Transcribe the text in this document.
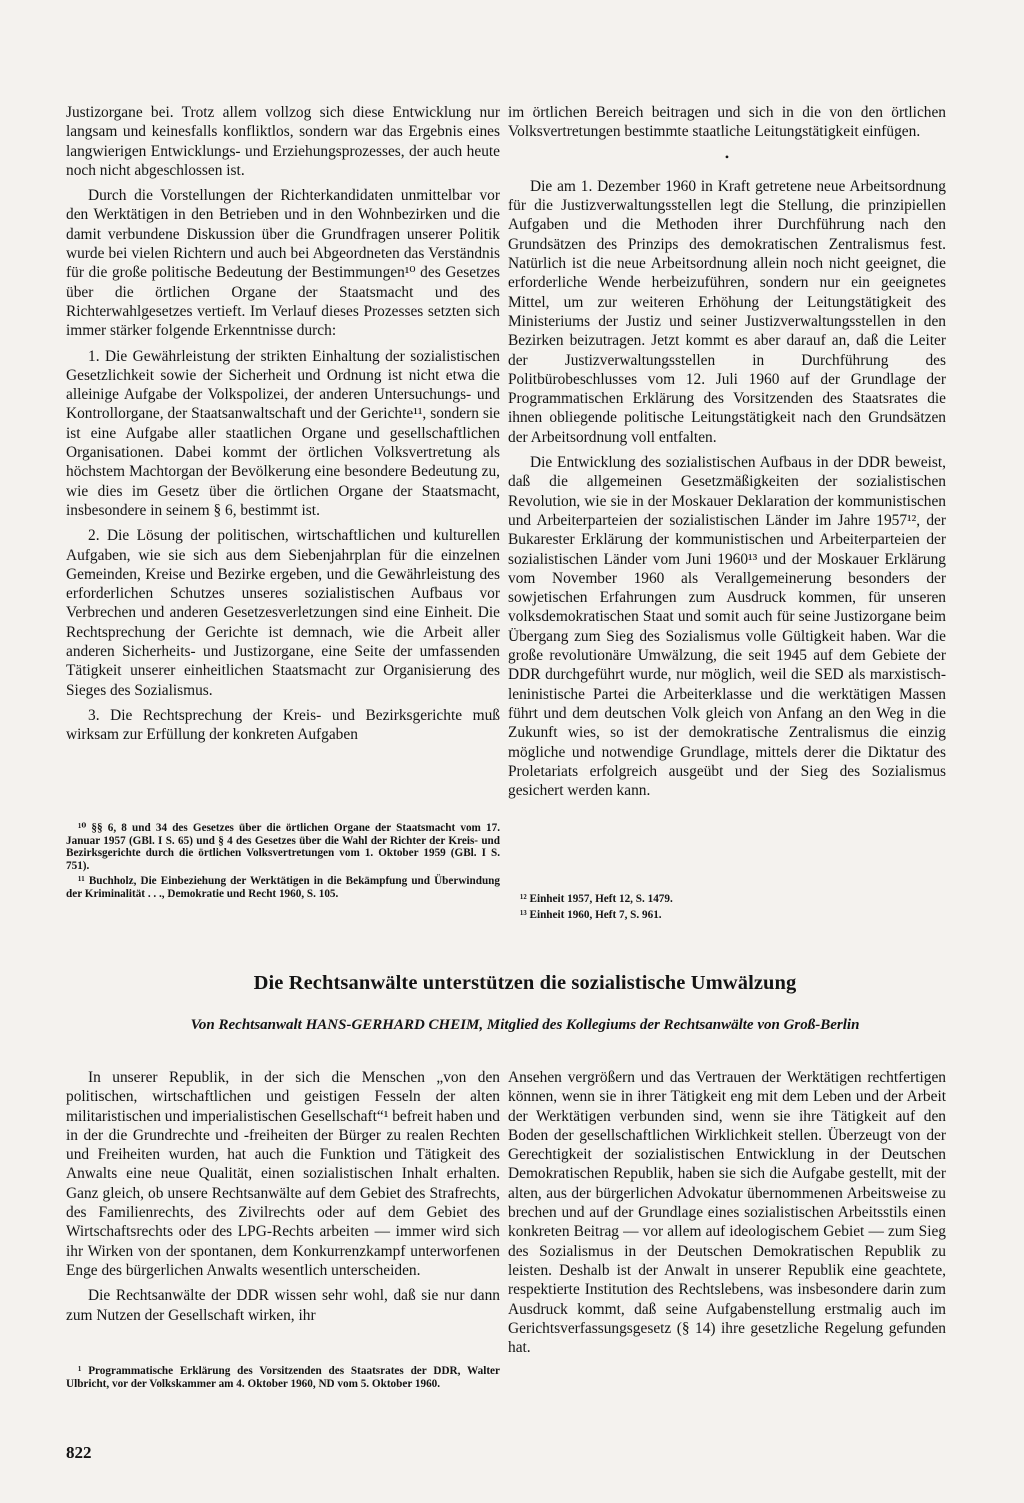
Justizorgane bei. Trotz allem vollzog sich diese Entwicklung nur langsam und keinesfalls konfliktlos, sondern war das Ergebnis eines langwierigen Entwicklungs- und Erziehungsprozesses, der auch heute noch nicht abgeschlossen ist.

Durch die Vorstellungen der Richterkandidaten unmittelbar vor den Werktätigen in den Betrieben und in den Wohnbezirken und die damit verbundene Diskussion über die Grundfragen unserer Politik wurde bei vielen Richtern und auch bei Abgeordneten das Verständnis für die große politische Bedeutung der Bestimmungen¹⁰ des Gesetzes über die örtlichen Organe der Staatsmacht und des Richterwahlgesetzes vertieft. Im Verlauf dieses Prozesses setzten sich immer stärker folgende Erkenntnisse durch:

1. Die Gewährleistung der strikten Einhaltung der sozialistischen Gesetzlichkeit sowie der Sicherheit und Ordnung ist nicht etwa die alleinige Aufgabe der Volkspolizei, der anderen Untersuchungs- und Kontrollorgane, der Staatsanwaltschaft und der Gerichte¹¹, sondern sie ist eine Aufgabe aller staatlichen Organe und gesellschaftlichen Organisationen. Dabei kommt der örtlichen Volksvertretung als höchstem Machtorgan der Bevölkerung eine besondere Bedeutung zu, wie dies im Gesetz über die örtlichen Organe der Staatsmacht, insbesondere in seinem § 6, bestimmt ist.

2. Die Lösung der politischen, wirtschaftlichen und kulturellen Aufgaben, wie sie sich aus dem Siebenjahrplan für die einzelnen Gemeinden, Kreise und Bezirke ergeben, und die Gewährleistung des erforderlichen Schutzes unseres sozialistischen Aufbaus vor Verbrechen und anderen Gesetzesverletzungen sind eine Einheit. Die Rechtsprechung der Gerichte ist demnach, wie die Arbeit aller anderen Sicherheits- und Justizorgane, eine Seite der umfassenden Tätigkeit unserer einheitlichen Staatsmacht zur Organisierung des Sieges des Sozialismus.

3. Die Rechtsprechung der Kreis- und Bezirksgerichte muß wirksam zur Erfüllung der konkreten Aufgaben

¹⁰ §§ 6, 8 und 34 des Gesetzes über die örtlichen Organe der Staatsmacht vom 17. Januar 1957 (GBl. I S. 65) und § 4 des Gesetzes über die Wahl der Richter der Kreis- und Bezirksgerichte durch die örtlichen Volksvertretungen vom 1. Oktober 1959 (GBl. I S. 751).

¹¹ Buchholz, Die Einbeziehung der Werktätigen in die Bekämpfung und Überwindung der Kriminalität . . ., Demokratie und Recht 1960, S. 105.

im örtlichen Bereich beitragen und sich in die von den örtlichen Volksvertretungen bestimmte staatliche Leitungstätigkeit einfügen.

•

Die am 1. Dezember 1960 in Kraft getretene neue Arbeitsordnung für die Justizverwaltungsstellen legt die Stellung, die prinzipiellen Aufgaben und die Methoden ihrer Durchführung nach den Grundsätzen des Prinzips des demokratischen Zentralismus fest. Natürlich ist die neue Arbeitsordnung allein noch nicht geeignet, die erforderliche Wende herbeizuführen, sondern nur ein geeignetes Mittel, um zur weiteren Erhöhung der Leitungstätigkeit des Ministeriums der Justiz und seiner Justizverwaltungsstellen in den Bezirken beizutragen. Jetzt kommt es aber darauf an, daß die Leiter der Justizverwaltungsstellen in Durchführung des Politbürobeschlusses vom 12. Juli 1960 auf der Grundlage der Programmatischen Erklärung des Vorsitzenden des Staatsrates die ihnen obliegende politische Leitungstätigkeit nach den Grundsätzen der Arbeitsordnung voll entfalten.

Die Entwicklung des sozialistischen Aufbaus in der DDR beweist, daß die allgemeinen Gesetzmäßigkeiten der sozialistischen Revolution, wie sie in der Moskauer Deklaration der kommunistischen und Arbeiterparteien der sozialistischen Länder im Jahre 1957¹², der Bukarester Erklärung der kommunistischen und Arbeiterparteien der sozialistischen Länder vom Juni 1960¹³ und der Moskauer Erklärung vom November 1960 als Verallgemeinerung besonders der sowjetischen Erfahrungen zum Ausdruck kommen, für unseren volksdemokratischen Staat und somit auch für seine Justizorgane beim Übergang zum Sieg des Sozialismus volle Gültigkeit haben. War die große revolutionäre Umwälzung, die seit 1945 auf dem Gebiete der DDR durchgeführt wurde, nur möglich, weil die SED als marxistisch-leninistische Partei die Arbeiterklasse und die werktätigen Massen führt und dem deutschen Volk gleich von Anfang an den Weg in die Zukunft wies, so ist der demokratische Zentralismus die einzig mögliche und notwendige Grundlage, mittels derer die Diktatur des Proletariats erfolgreich ausgeübt und der Sieg des Sozialismus gesichert werden kann.

¹² Einheit 1957, Heft 12, S. 1479.

¹³ Einheit 1960, Heft 7, S. 961.

Die Rechtsanwälte unterstützen die sozialistische Umwälzung
Von Rechtsanwalt HANS-GERHARD CHEIM, Mitglied des Kollegiums der Rechtsanwälte von Groß-Berlin

In unserer Republik, in der sich die Menschen „von den politischen, wirtschaftlichen und geistigen Fesseln der alten militaristischen und imperialistischen Gesellschaft“¹ befreit haben und in der die Grundrechte und -freiheiten der Bürger zu realen Rechten und Freiheiten wurden, hat auch die Funktion und Tätigkeit des Anwalts eine neue Qualität, einen sozialistischen Inhalt erhalten. Ganz gleich, ob unsere Rechtsanwälte auf dem Gebiet des Strafrechts, des Familienrechts, des Zivilrechts oder auf dem Gebiet des Wirtschaftsrechts oder des LPG-Rechts arbeiten — immer wird sich ihr Wirken von der spontanen, dem Konkurrenzkampf unterworfenen Enge des bürgerlichen Anwalts wesentlich unterscheiden.

Die Rechtsanwälte der DDR wissen sehr wohl, daß sie nur dann zum Nutzen der Gesellschaft wirken, ihr

¹ Programmatische Erklärung des Vorsitzenden des Staatsrates der DDR, Walter Ulbricht, vor der Volkskammer am 4. Oktober 1960, ND vom 5. Oktober 1960.

Ansehen vergrößern und das Vertrauen der Werktätigen rechtfertigen können, wenn sie in ihrer Tätigkeit eng mit dem Leben und der Arbeit der Werktätigen verbunden sind, wenn sie ihre Tätigkeit auf den Boden der gesellschaftlichen Wirklichkeit stellen. Überzeugt von der Gerechtigkeit der sozialistischen Entwicklung in der Deutschen Demokratischen Republik, haben sie sich die Aufgabe gestellt, mit der alten, aus der bürgerlichen Advokatur übernommenen Arbeitsweise zu brechen und auf der Grundlage eines sozialistischen Arbeitsstils einen konkreten Beitrag — vor allem auf ideologischem Gebiet — zum Sieg des Sozialismus in der Deutschen Demokratischen Republik zu leisten. Deshalb ist der Anwalt in unserer Republik eine geachtete, respektierte Institution des Rechtslebens, was insbesondere darin zum Ausdruck kommt, daß seine Aufgabenstellung erstmalig auch im Gerichtsverfassungsgesetz (§ 14) ihre gesetzliche Regelung gefunden hat.

822
